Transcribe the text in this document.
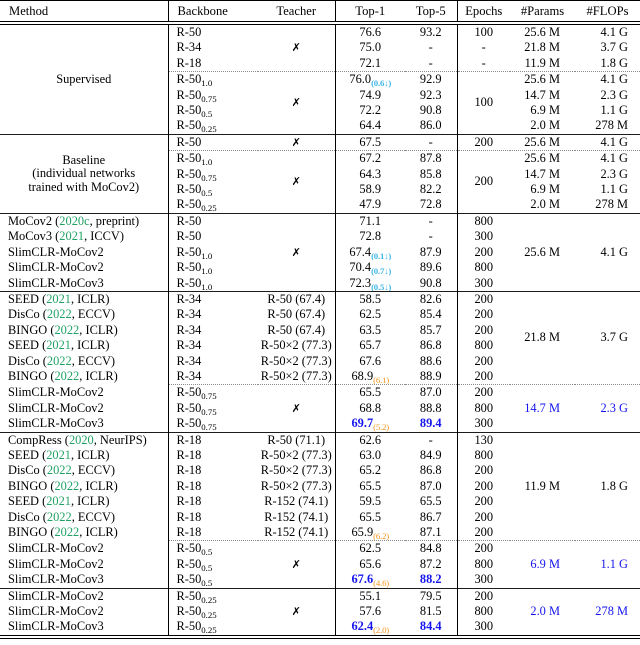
Method	Backbone	Teacher	Top-1	Top-5	Epochs	#Params	#FLOPs

Supervised	R-50	✗	76.6	93.2	100	25.6 M	4.1 G
	R-34		75.0	-	-	21.8 M	3.7 G
	R-18		72.1	-	-	11.9 M	1.8 G
	$R-50_{1.0}$	✗	$76.0_{(0.6↓)}$	92.9	100	25.6 M	4.1 G
	$R-50_{0.75}$		74.9	92.3		14.7 M	2.3 G
	$R-50_{0.5}$		72.2	90.8		6.9 M	1.1 G
	$R-50_{0.25}$		64.4	86.0		2.0 M	278 M

Baseline
(individual networks
trained with MoCov2)	R-50	✗	67.5	-	200	25.6 M	4.1 G
	$R-50_{1.0}$	✗	67.2	87.8	200	25.6 M	4.1 G
	$R-50_{0.75}$		64.3	85.8		14.7 M	2.3 G
	$R-50_{0.5}$		58.9	82.2		6.9 M	1.1 G
	$R-50_{0.25}$		47.9	72.8		2.0 M	278 M
MoCov2 (2020c, preprint)	R-50		71.1	-	800	25.6 M	4.1 G
MoCov3 (2021, ICCV)	R-50		72.8	-	300		
SlimCLR-MoCov2	$R-50_{1.0}$	✗	$67.4_{(0.1↓)}$	87.9	200		
SlimCLR-MoCov2	$R-50_{1.0}$		$70.4_{(0.7↓)}$	89.6	800		
SlimCLR-MoCov3	$R-50_{1.0}$		$72.3_{(0.5↓)}$	90.8	300		
SEED (2021, ICLR)	R-34	R-50 (67.4)	58.5	82.6	200	21.8 M	3.7 G
DisCo (2022, ECCV)	R-34	R-50 (67.4)	62.5	85.4	200		
BINGO (2022, ICLR)	R-34	R-50 (67.4)	63.5	85.7	200		
SEED (2021, ICLR)	R-34	R-50×2 (77.3)	65.7	86.8	800		
DisCo (2022, ECCV)	R-34	R-50×2 (77.3)	67.6	88.6	200		
BINGO (2022, ICLR)	R-34	R-50×2 (77.3)	$68.9_{(6.1)}$	88.9	200		
SlimCLR-MoCov2	$R-50_{0.75}$	✗	65.5	87.0	200	14.7 M	2.3 G
SlimCLR-MoCov2	$R-50_{0.75}$		68.8	88.8	800		
SlimCLR-MoCov3	$R-50_{0.75}$		$69.7_{(5.2)}$	89.4	300		
CompRess (2020, NeurIPS)	R-18	R-50 (71.1)	62.6	-	130	11.9 M	1.8 G
SEED (2021, ICLR)	R-18	R-50×2 (77.3)	63.0	84.9	800		
DisCo (2022, ECCV)	R-18	R-50×2 (77.3)	65.2	86.8	200		
BINGO (2022, ICLR)	R-18	R-50×2 (77.3)	65.5	87.0	200		
SEED (2021, ICLR)	R-18	R-152 (74.1)	59.5	65.5	200		
DisCo (2022, ECCV)	R-18	R-152 (74.1)	65.5	86.7	200		
BINGO (2022, ICLR)	R-18	R-152 (74.1)	$65.9_{(6.2)}$	87.1	200		
SlimCLR-MoCov2	$R-50_{0.5}$	✗	62.5	84.8	200	6.9 M	1.1 G
SlimCLR-MoCov2	$R-50_{0.5}$		65.6	87.2	800		
SlimCLR-MoCov3	$R-50_{0.5}$		$67.6_{(4.6)}$	88.2	300		
SlimCLR-MoCov2	$R-50_{0.25}$	✗	55.1	79.5	200	2.0 M	278 M
SlimCLR-MoCov2	$R-50_{0.25}$		57.6	81.5	800		
SlimCLR-MoCov3	$R-50_{0.25}$		$62.4_{(2.0)}$	84.4	300		
